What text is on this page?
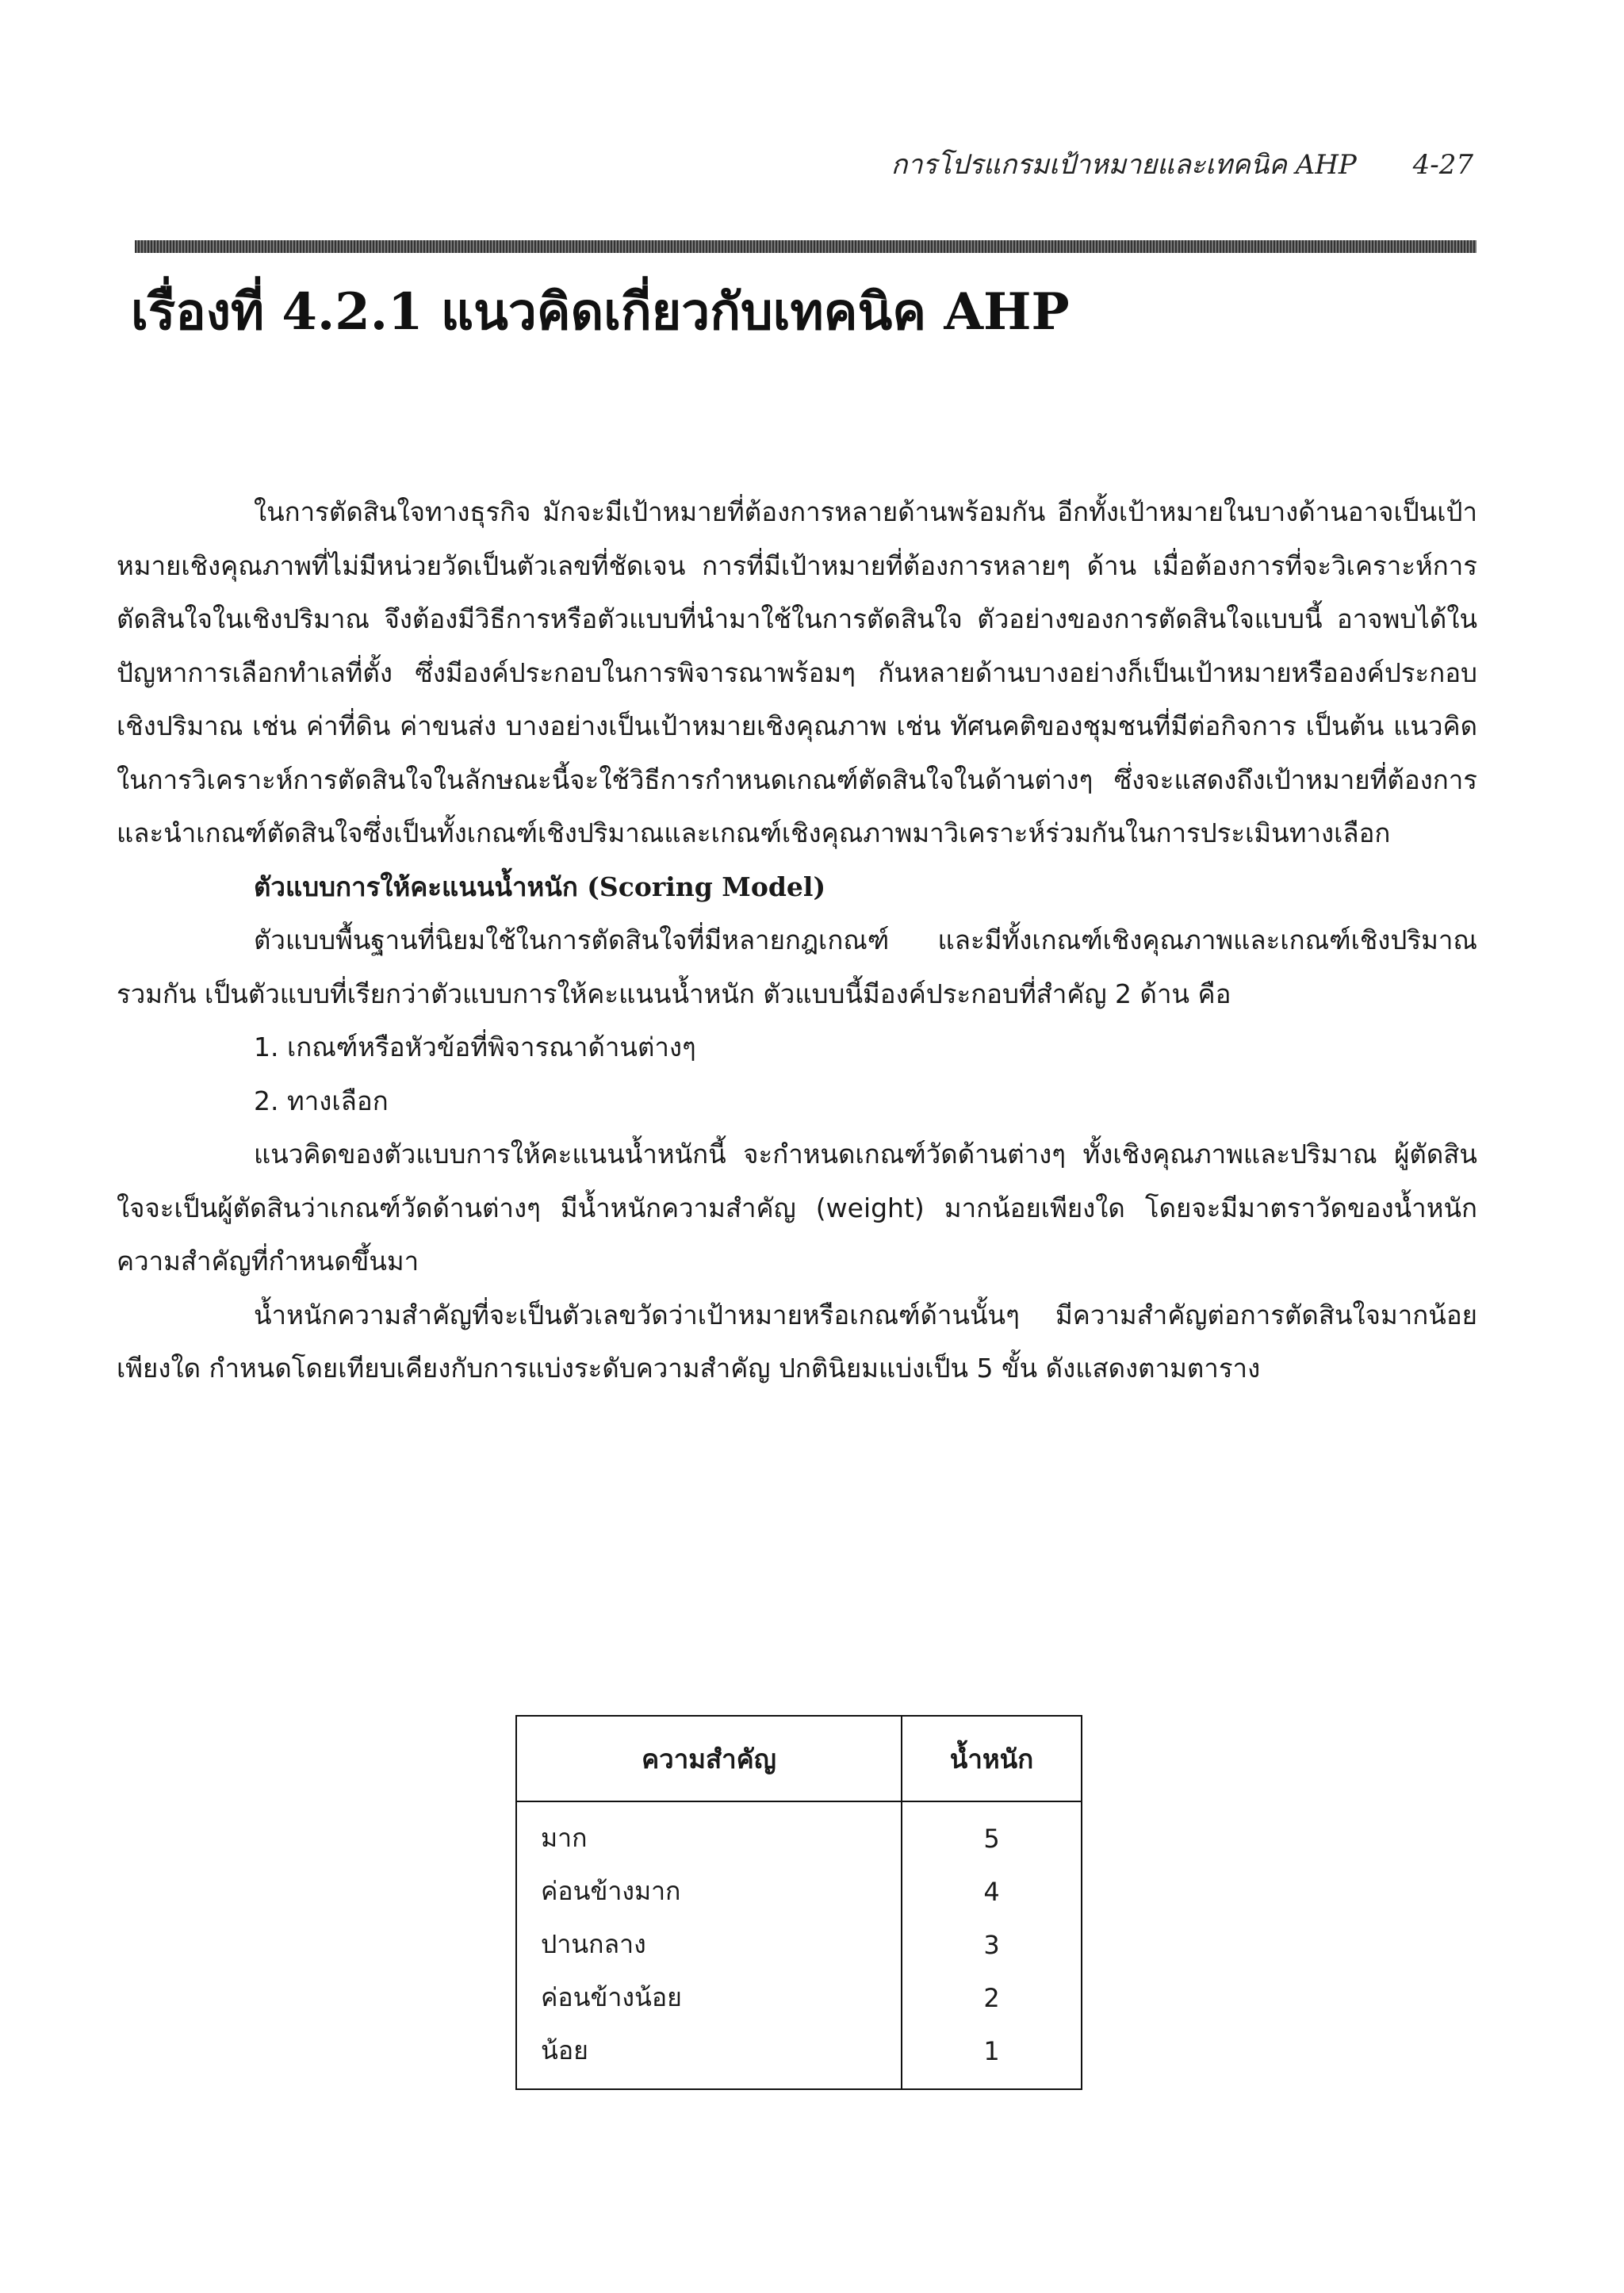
การโปรแกรมเป้าหมายและเทคนิค AHP 4-27
เรื่องที่ 4.2.1 แนวคิดเกี่ยวกับเทคนิค AHP

ในการตัดสินใจทางธุรกิจ มักจะมีเป้าหมายที่ต้องการหลายด้านพร้อมกัน อีกทั้งเป้าหมายในบางด้านอาจเป็นเป้าหมายเชิงคุณภาพที่ไม่มีหน่วยวัดเป็นตัวเลขที่ชัดเจน การที่มีเป้าหมายที่ต้องการหลายๆ ด้าน เมื่อต้องการที่จะวิเคราะห์การตัดสินใจในเชิงปริมาณ จึงต้องมีวิธีการหรือตัวแบบที่นำมาใช้ในการตัดสินใจ ตัวอย่างของการตัดสินใจแบบนี้ อาจพบได้ในปัญหาการเลือกทำเลที่ตั้ง ซึ่งมีองค์ประกอบในการพิจารณาพร้อมๆ กันหลายด้านบางอย่างก็เป็นเป้าหมายหรือองค์ประกอบเชิงปริมาณ เช่น ค่าที่ดิน ค่าขนส่ง บางอย่างเป็นเป้าหมายเชิงคุณภาพ เช่น ทัศนคติของชุมชนที่มีต่อกิจการ เป็นต้น แนวคิดในการวิเคราะห์การตัดสินใจในลักษณะนี้จะใช้วิธีการกำหนดเกณฑ์ตัดสินใจในด้านต่างๆ ซึ่งจะแสดงถึงเป้าหมายที่ต้องการ และนำเกณฑ์ตัดสินใจซึ่งเป็นทั้งเกณฑ์เชิงปริมาณและเกณฑ์เชิงคุณภาพมาวิเคราะห์ร่วมกันในการประเมินทางเลือก

ตัวแบบการให้คะแนนน้ำหนัก (Scoring Model)

ตัวแบบพื้นฐานที่นิยมใช้ในการตัดสินใจที่มีหลายกฎเกณฑ์ และมีทั้งเกณฑ์เชิงคุณภาพและเกณฑ์เชิงปริมาณรวมกัน เป็นตัวแบบที่เรียกว่าตัวแบบการให้คะแนนน้ำหนัก ตัวแบบนี้มีองค์ประกอบที่สำคัญ 2 ด้าน คือ

1. เกณฑ์หรือหัวข้อที่พิจารณาด้านต่างๆ

2. ทางเลือก

แนวคิดของตัวแบบการให้คะแนนน้ำหนักนี้ จะกำหนดเกณฑ์วัดด้านต่างๆ ทั้งเชิงคุณภาพและปริมาณ ผู้ตัดสินใจจะเป็นผู้ตัดสินว่าเกณฑ์วัดด้านต่างๆ มีน้ำหนักความสำคัญ (weight) มากน้อยเพียงใด โดยจะมีมาตราวัดของน้ำหนักความสำคัญที่กำหนดขึ้นมา

น้ำหนักความสำคัญที่จะเป็นตัวเลขวัดว่าเป้าหมายหรือเกณฑ์ด้านนั้นๆ มีความสำคัญต่อการตัดสินใจมากน้อยเพียงใด กำหนดโดยเทียบเคียงกับการแบ่งระดับความสำคัญ ปกตินิยมแบ่งเป็น 5 ขั้น ดังแสดงตามตาราง

ความสำคัญ	น้ำหนัก
มาก	5
ค่อนข้างมาก	4
ปานกลาง	3
ค่อนข้างน้อย	2
น้อย	1
